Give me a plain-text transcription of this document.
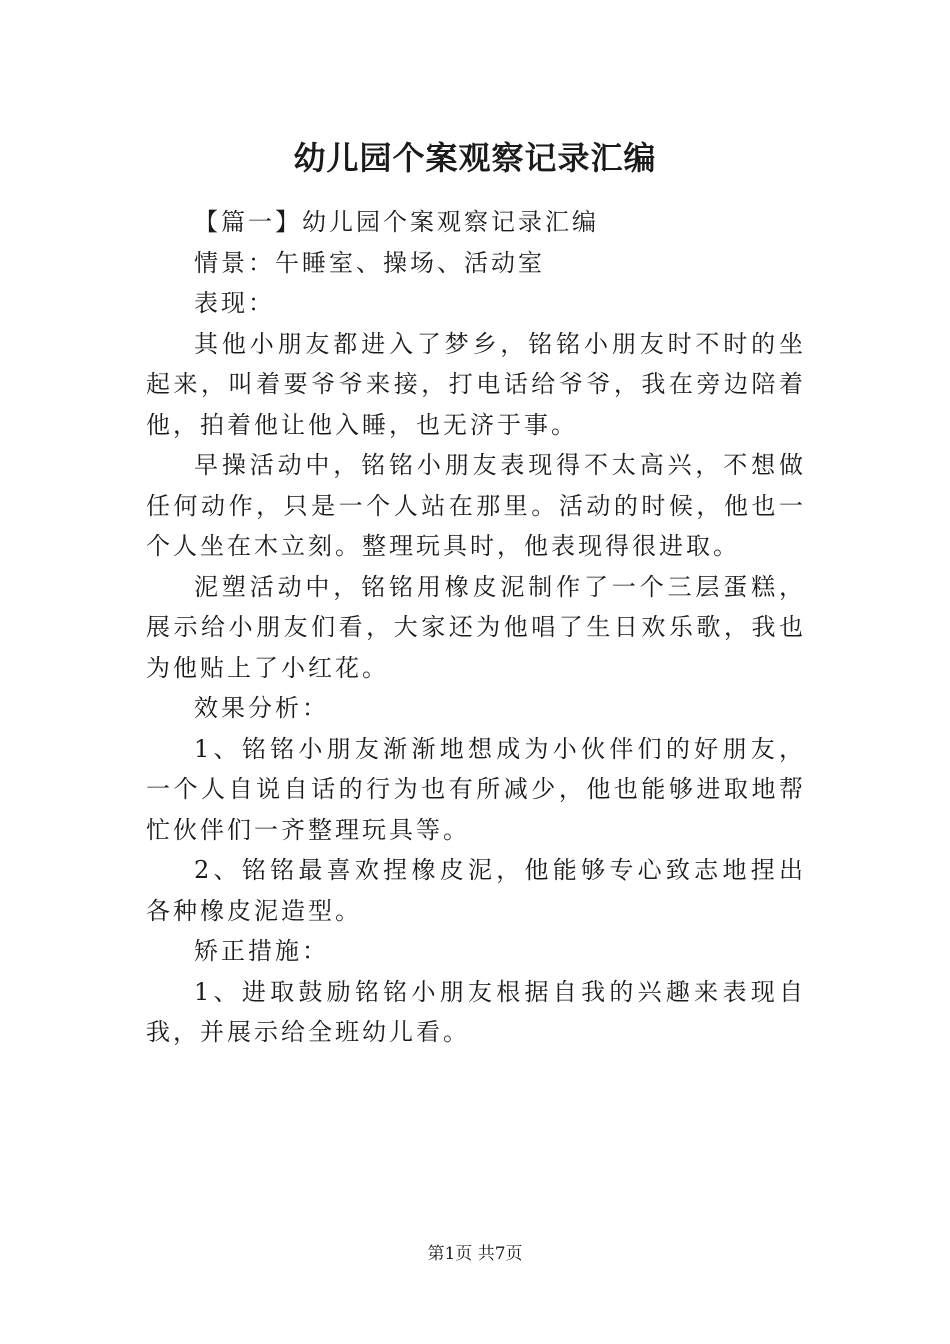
幼儿园个案观察记录汇编

【篇一】幼儿园个案观察记录汇编

情景：午睡室、操场、活动室

表现：

其他小朋友都进入了梦乡，铭铭小朋友时不时的坐起来，叫着要爷爷来接，打电话给爷爷，我在旁边陪着他，拍着他让他入睡，也无济于事。

早操活动中，铭铭小朋友表现得不太高兴，不想做任何动作，只是一个人站在那里。活动的时候，他也一个人坐在木立刻。整理玩具时，他表现得很进取。

泥塑活动中，铭铭用橡皮泥制作了一个三层蛋糕，展示给小朋友们看，大家还为他唱了生日欢乐歌，我也为他贴上了小红花。

效果分析：

1、铭铭小朋友渐渐地想成为小伙伴们的好朋友，一个人自说自话的行为也有所减少，他也能够进取地帮忙伙伴们一齐整理玩具等。

2、铭铭最喜欢捏橡皮泥，他能够专心致志地捏出各种橡皮泥造型。

矫正措施：

1、进取鼓励铭铭小朋友根据自我的兴趣来表现自我，并展示给全班幼儿看。

第1页 共7页
